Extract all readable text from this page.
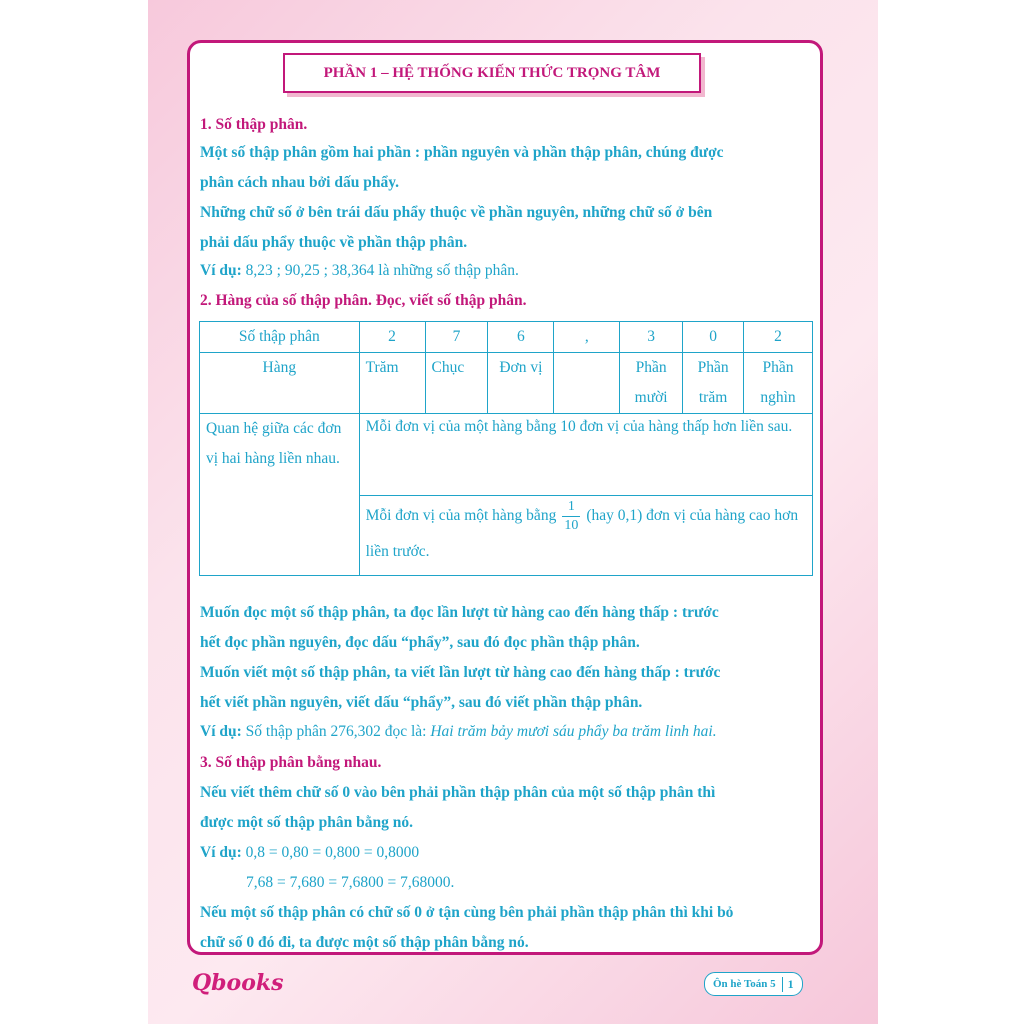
PHẦN 1 – HỆ THỐNG KIẾN THỨC TRỌNG TÂM
1. Số thập phân.
Một số thập phân gồm hai phần : phần nguyên và phần thập phân, chúng được
phân cách nhau bởi dấu phẩy.
Những chữ số ở bên trái dấu phẩy thuộc về phần nguyên, những chữ số ở bên
phải dấu phẩy thuộc về phần thập phân.
Ví dụ: 8,23 ; 90,25 ; 38,364 là những số thập phân.
2. Hàng của số thập phân. Đọc, viết số thập phân.
Số thập phân	2	7	6	,	3	0	2
Hàng	Trăm	Chục	Đơn vị		Phần mười	Phần trăm	Phần nghìn
Quan hệ giữa các đơn vị hai hàng liền nhau.	Mỗi đơn vị của một hàng bằng 10 đơn vị của hàng thấp hơn liền sau.						
	Mỗi đơn vị của một hàng bằng $\frac{1}{10} (hay$ 0,1) đơn vị của hàng cao hơn liền trước.						
Muốn đọc một số thập phân, ta đọc lần lượt từ hàng cao đến hàng thấp : trước
hết đọc phần nguyên, đọc dấu “phẩy”, sau đó đọc phần thập phân.
Muốn viết một số thập phân, ta viết lần lượt từ hàng cao đến hàng thấp : trước
hết viết phần nguyên, viết dấu “phẩy”, sau đó viết phần thập phân.
Ví dụ: Số thập phân 276,302 đọc là: Hai trăm bảy mươi sáu phẩy ba trăm linh hai.
3. Số thập phân bằng nhau.
Nếu viết thêm chữ số 0 vào bên phải phần thập phân của một số thập phân thì
được một số thập phân bằng nó.
Ví dụ: 0,8 = 0,80 = 0,800 = 0,8000
7,68 = 7,680 = 7,6800 = 7,68000.
Nếu một số thập phân có chữ số 0 ở tận cùng bên phải phần thập phân thì khi bỏ
chữ số 0 đó đi, ta được một số thập phân bằng nó.
Qbooks	Ôn hè Toán 5	1
